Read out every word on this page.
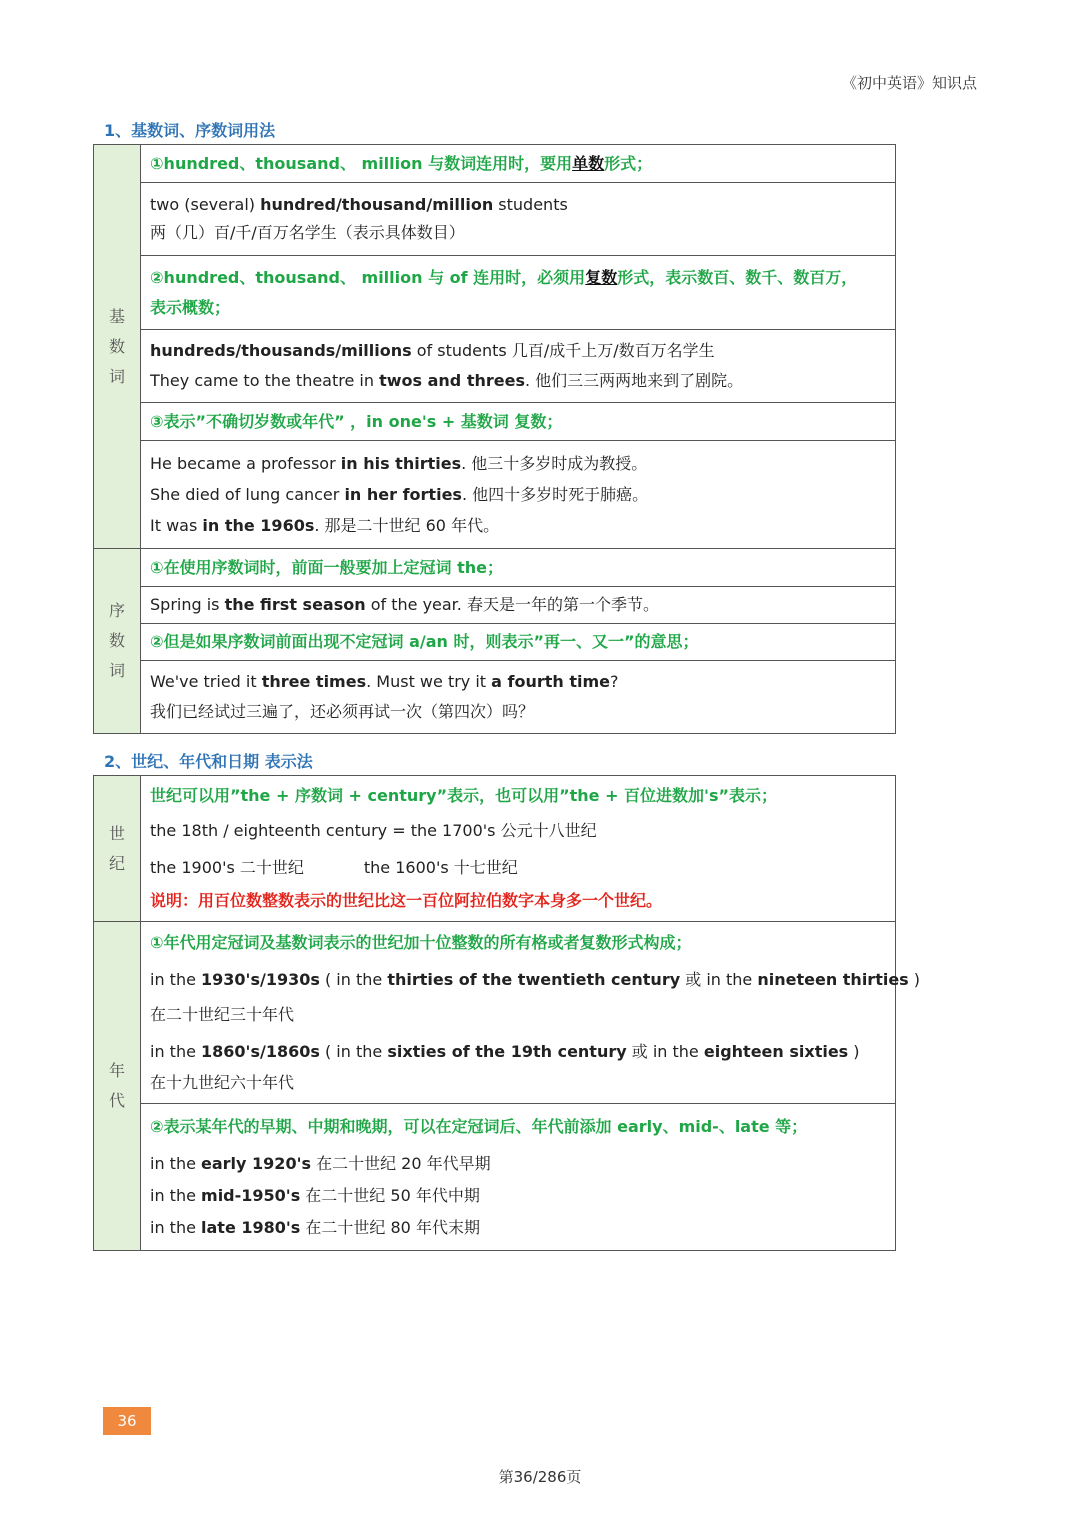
《初中英语》知识点
1、基数词、序数词用法
基
数
词	①hundred、thousand、 million 与数词连用时，要用单数形式；

	two (several) hundred/thousand/million students
两（几）百/千/百万名学生（表示具体数目）

	②hundred、thousand、 million 与 of 连用时，必须用复数形式，表示数百、数千、数百万，
表示概数；

	hundreds/thousands/millions of students 几百/成千上万/数百万名学生
They came to the theatre in twos and threes. 他们三三两两地来到了剧院。

	③表示”不确切岁数或年代” ，in one's + 基数词 复数；

	He became a professor in his thirties. 他三十多岁时成为教授。
She died of lung cancer in her forties. 他四十多岁时死于肺癌。
It was in the 1960s. 那是二十世纪 60 年代。

序
数
词	①在使用序数词时，前面一般要加上定冠词 the；
	Spring is the first season of the year. 春天是一年的第一个季节。
	②但是如果序数词前面出现不定冠词 a/an 时，则表示”再一、又一”的意思；

	We've tried it three times. Must we try it a fourth time?
我们已经试过三遍了，还必须再试一次（第四次）吗？
2、世纪、年代和日期 表示法
世
纪	世纪可以用”the + 序数词 + century”表示，也可以用”the + 百位进数加's”表示；
the 18th / eighteenth century = the 1700's 公元十八世纪
the 1900's 二十世纪 the 1600's 十七世纪
说明：用百位数整数表示的世纪比这一百位阿拉伯数字本身多一个世纪。

年
代	①年代用定冠词及基数词表示的世纪加十位整数的所有格或者复数形式构成；
in the 1930's/1930s ( in the thirties of the twentieth century 或 in the nineteen thirties )
在二十世纪三十年代
in the 1860's/1860s ( in the sixties of the 19th century 或 in the eighteen sixties )
在十九世纪六十年代

	②表示某年代的早期、中期和晚期，可以在定冠词后、年代前添加 early、mid-、late 等；
in the early 1920's 在二十世纪 20 年代早期
in the mid-1950's 在二十世纪 50 年代中期
in the late 1980's 在二十世纪 80 年代末期
36
第36/286页
